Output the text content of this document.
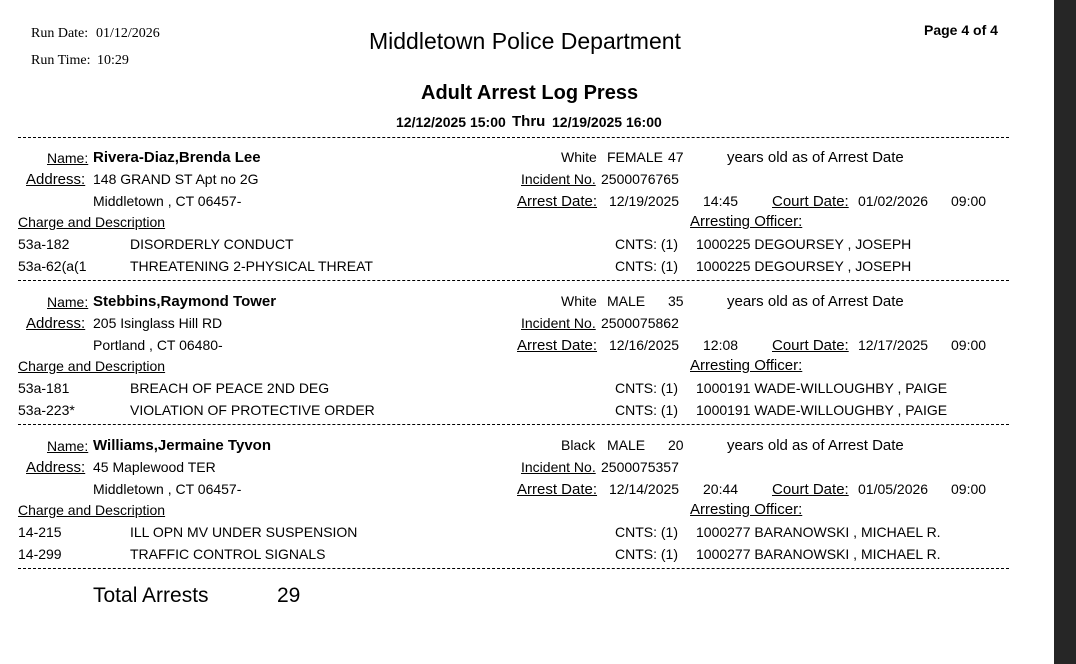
Run Date: 01/12/2026
Run Time: 10:29
Middletown Police Department	Page 4 of 4
Adult Arrest Log Press
12/12/2025 15:00 Thru 12/19/2025 16:00
Name: Rivera-Diaz,Brenda Lee	White FEMALE 47	years old as of Arrest Date
Address: 148 GRAND ST Apt no 2G	Incident No. 2500076765
Middletown , CT 06457-	Arrest Date: 12/19/2025 14:45 Court Date: 01/02/2026 09:00
Charge and Description	Arresting Officer:
53a-182	DISORDERLY CONDUCT	CNTS: (1) 1000225 DEGOURSEY , JOSEPH
53a-62(a(1	THREATENING 2-PHYSICAL THREAT	CNTS: (1) 1000225 DEGOURSEY , JOSEPH
Name: Stebbins,Raymond Tower	White MALE 35	years old as of Arrest Date
Address: 205 Isinglass Hill RD	Incident No. 2500075862
Portland , CT 06480-	Arrest Date: 12/16/2025 12:08 Court Date: 12/17/2025 09:00
Charge and Description	Arresting Officer:
53a-181	BREACH OF PEACE 2ND DEG	CNTS: (1) 1000191 WADE-WILLOUGHBY , PAIGE
53a-223*	VIOLATION OF PROTECTIVE ORDER	CNTS: (1) 1000191 WADE-WILLOUGHBY , PAIGE
Name: Williams,Jermaine Tyvon	Black MALE 20	years old as of Arrest Date
Address: 45 Maplewood TER	Incident No. 2500075357
Middletown , CT 06457-	Arrest Date: 12/14/2025 20:44 Court Date: 01/05/2026 09:00
Charge and Description	Arresting Officer:
14-215	ILL OPN MV UNDER SUSPENSION	CNTS: (1) 1000277 BARANOWSKI , MICHAEL R.
14-299	TRAFFIC CONTROL SIGNALS	CNTS: (1) 1000277 BARANOWSKI , MICHAEL R.
Total Arrests	29
